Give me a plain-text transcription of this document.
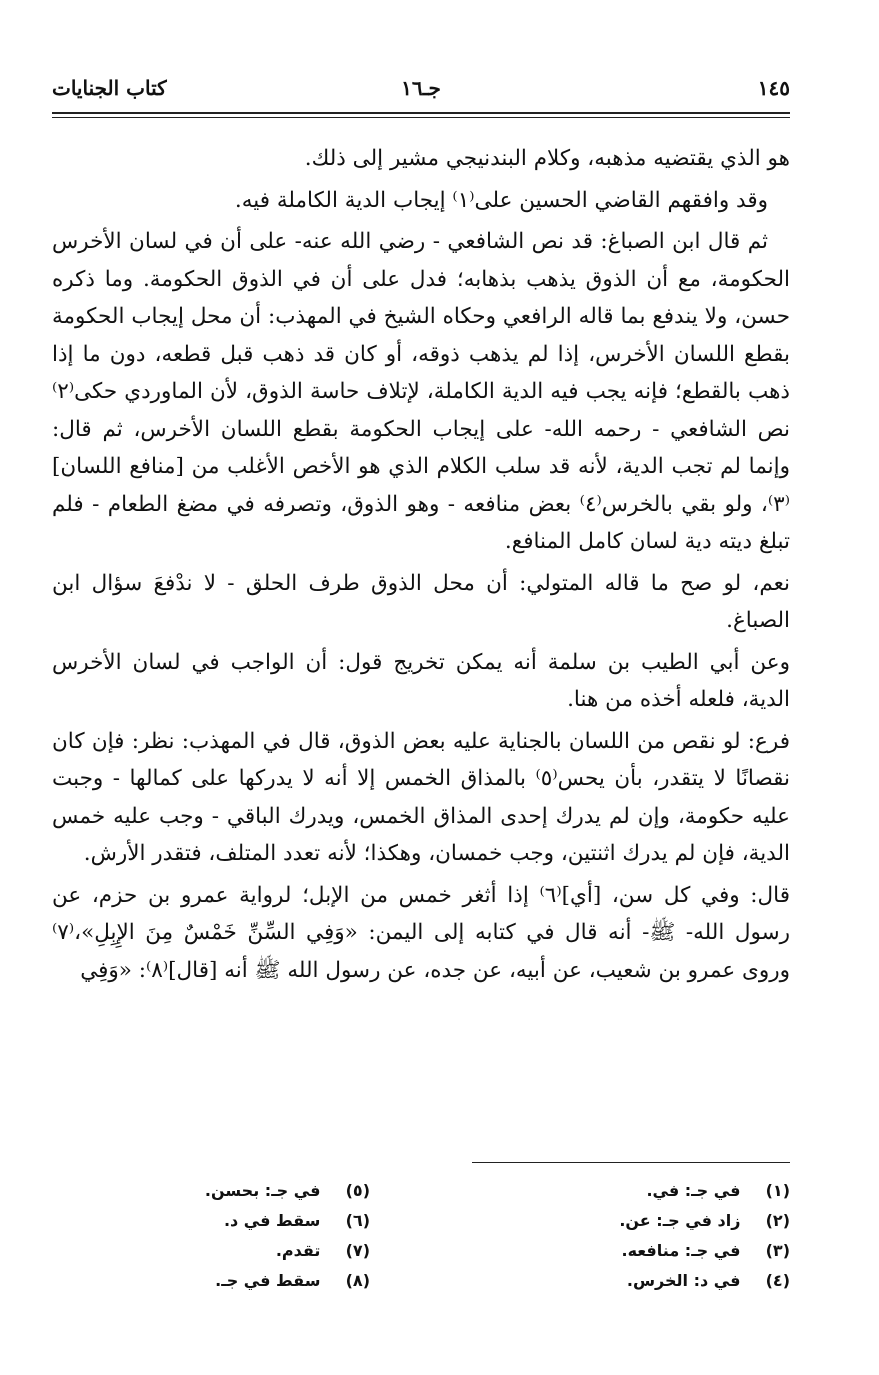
١٤٥
جـ١٦
كتاب الجنايات

هو الذي يقتضيه مذهبه، وكلام البندنيجي مشير إلى ذلك.

وقد وافقهم القاضي الحسين على⁽١⁾ إيجاب الدية الكاملة فيه.

ثم قال ابن الصباغ: قد نص الشافعي - رضي الله عنه- على أن في لسان الأخرس الحكومة، مع أن الذوق يذهب بذهابه؛ فدل على أن في الذوق الحكومة. وما ذكره حسن، ولا يندفع بما قاله الرافعي وحكاه الشيخ في المهذب: أن محل إيجاب الحكومة بقطع اللسان الأخرس، إذا لم يذهب ذوقه، أو كان قد ذهب قبل قطعه، دون ما إذا ذهب بالقطع؛ فإنه يجب فيه الدية الكاملة، لإتلاف حاسة الذوق، لأن الماوردي حكى⁽٢⁾ نص الشافعي - رحمه الله- على إيجاب الحكومة بقطع اللسان الأخرس، ثم قال: وإنما لم تجب الدية، لأنه قد سلب الكلام الذي هو الأخص الأغلب من [منافع اللسان]⁽٣⁾، ولو بقي بالخرس⁽٤⁾ بعض منافعه - وهو الذوق، وتصرفه في مضغ الطعام - فلم تبلغ ديته دية لسان كامل المنافع.

نعم، لو صح ما قاله المتولي: أن محل الذوق طرف الحلق - لا ندْفعَ سؤال ابن الصباغ.

وعن أبي الطيب بن سلمة أنه يمكن تخريج قول: أن الواجب في لسان الأخرس الدية، فلعله أخذه من هنا.

فرع: لو نقص من اللسان بالجناية عليه بعض الذوق، قال في المهذب: نظر: فإن كان نقصانًا لا يتقدر، بأن يحس⁽٥⁾ بالمذاق الخمس إلا أنه لا يدركها على كمالها - وجبت عليه حكومة، وإن لم يدرك إحدى المذاق الخمس، ويدرك الباقي - وجب عليه خمس الدية، فإن لم يدرك اثنتين، وجب خمسان، وهكذا؛ لأنه تعدد المتلف، فتقدر الأرش.

قال: وفي كل سن، [أي]⁽٦⁾ إذا أثغر خمس من الإبل؛ لرواية عمرو بن حزم، عن رسول الله- ﷺ- أنه قال في كتابه إلى اليمن: «وَفِي السِّنِّ خَمْسٌ مِنَ الإِبِلِ»،⁽٧⁾ وروى عمرو بن شعيب، عن أبيه، عن جده، عن رسول الله ﷺ أنه [قال]⁽٨⁾: «وَفِي

(١) في جـ: في.
(٢) زاد في جـ: عن.
(٣) في جـ: منافعه.
(٤) في د: الخرس.
(٥) في جـ: بحسن.
(٦) سقط في د.
(٧) تقدم.
(٨) سقط في جـ.
